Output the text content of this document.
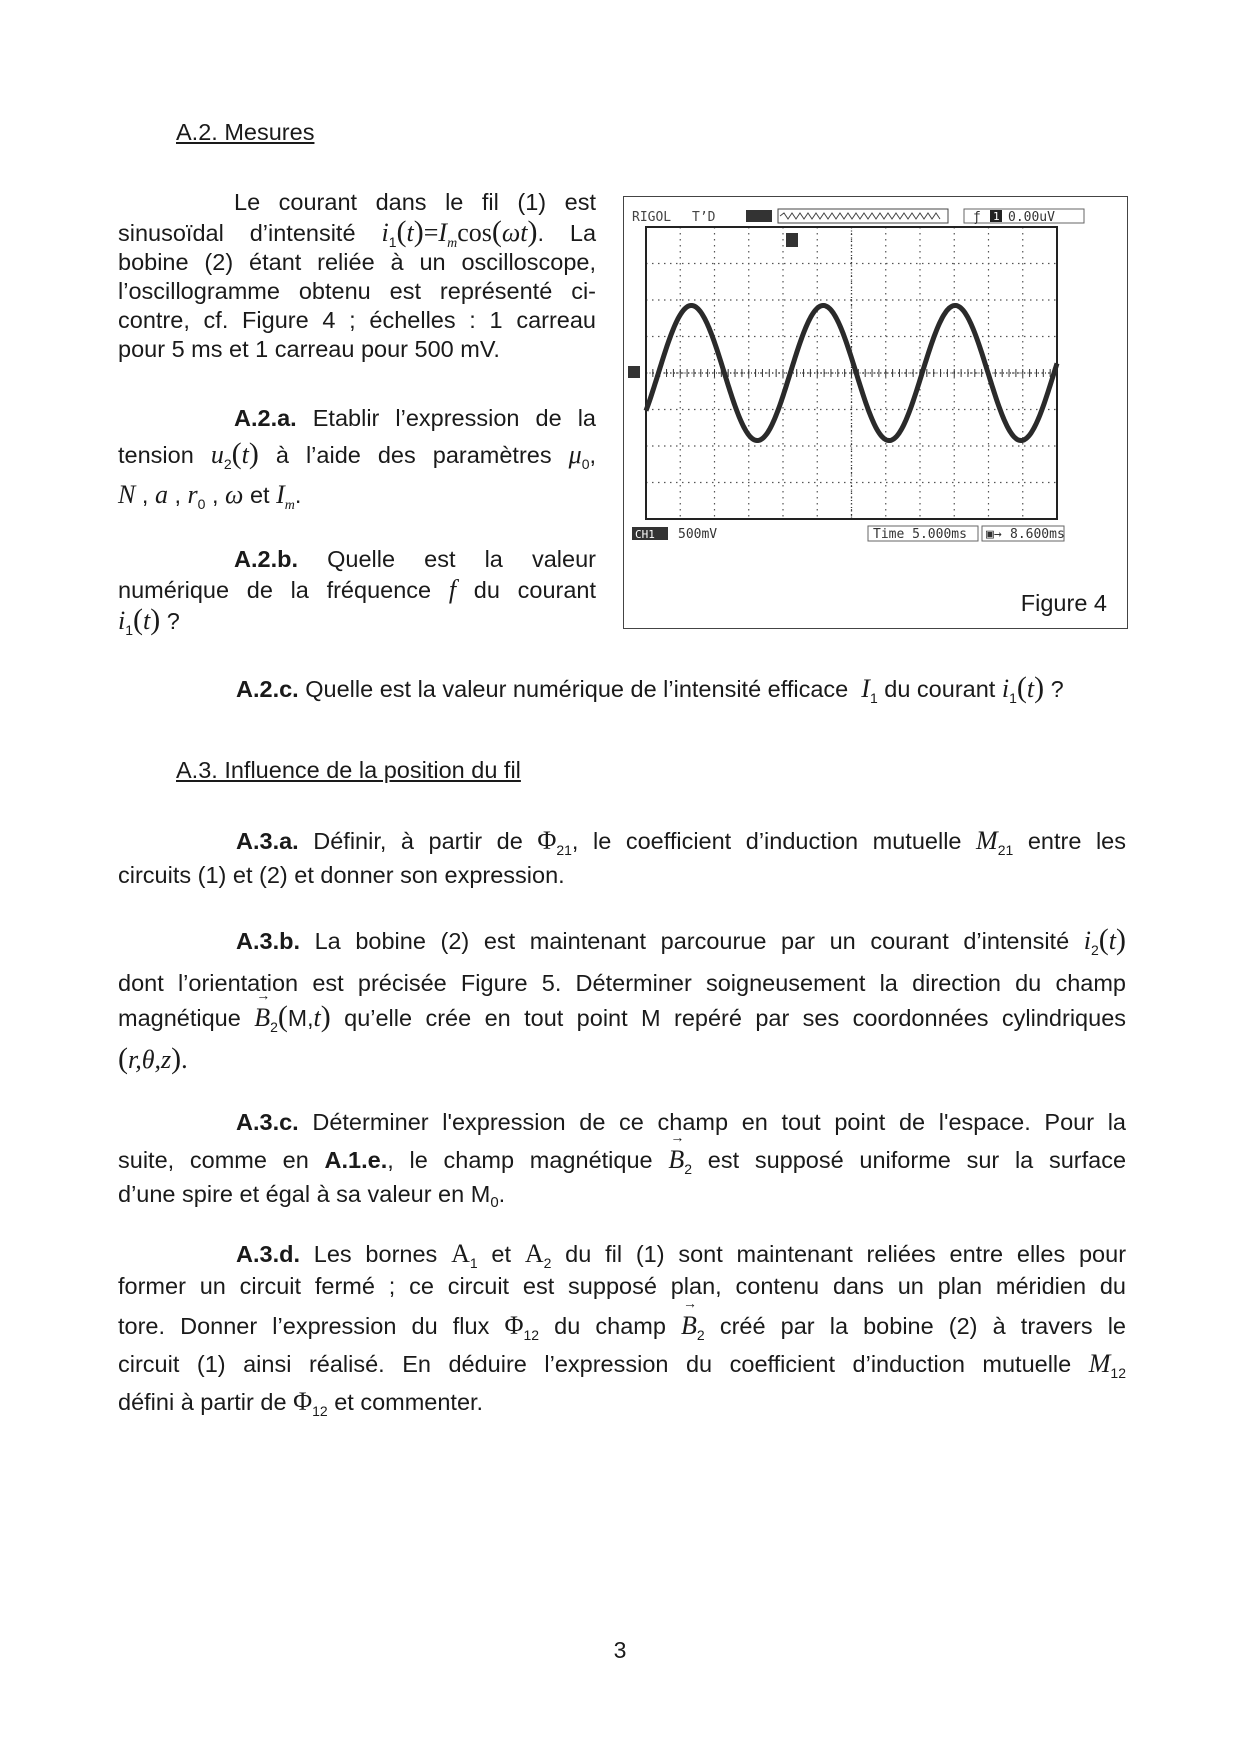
A.2. Mesures
Le courant dans le fil (1) est
sinusoïdal d’intensité $i_1(t)=I_m\cos(\omega t)$. La
bobine (2) étant reliée à un oscilloscope,
l’oscillogramme obtenu est représenté ci-
contre, cf. Figure 4 ; échelles : 1 carreau
pour 5 ms et 1 carreau pour 500 mV.
A.2.a. Etablir l’expression de la
tension $u_2(t)$ à l’aide des paramètres $\mu_0$,
N , a , $r_0$ , ω et $I_m$.
A.2.b. Quelle est la valeur
numérique de la fréquence f du courant
$i_1(t)$ ?
RIGOL T’D	ƒ 1 0.00uV
CH1 500mV	Time 5.000ms ▣→ 8.600ms
Figure 4
A.2.c. Quelle est la valeur numérique de l’intensité efficace  $I_1$ du courant $i_1(t)$ ?
A.3. Influence de la position du fil
A.3.a. Définir, à partir de $\Phi_{21}$, le coefficient d’induction mutuelle $M_{21}$ entre les
circuits (1) et (2) et donner son expression.
A.3.b. La bobine (2) est maintenant parcourue par un courant d’intensité $i_2(t)$
dont l’orientation est précisée Figure 5. Déterminer soigneusement la direction du champ
magnétique → $B_2(M,t)$ qu’elle crée en tout point M repéré par ses coordonnées cylindriques
(r,θ,z).
A.3.c. Déterminer l'expression de ce champ en tout point de l'espace. Pour la
suite, comme en A.1.e., le champ magnétique → $B_2$ est supposé uniforme sur la surface
d’une spire et égal à sa valeur en $M_0$.
A.3.d. Les bornes $A_1$ et $A_2$ du fil (1) sont maintenant reliées entre elles pour
former un circuit fermé ; ce circuit est supposé plan, contenu dans un plan méridien du
tore. Donner l’expression du flux $\Phi_{12}$ du champ → $B_2$ créé par la bobine (2) à travers le
circuit (1) ainsi réalisé. En déduire l’expression du coefficient d’induction mutuelle $M_{12}$
défini à partir de $\Phi_{12}$ et commenter.
3
